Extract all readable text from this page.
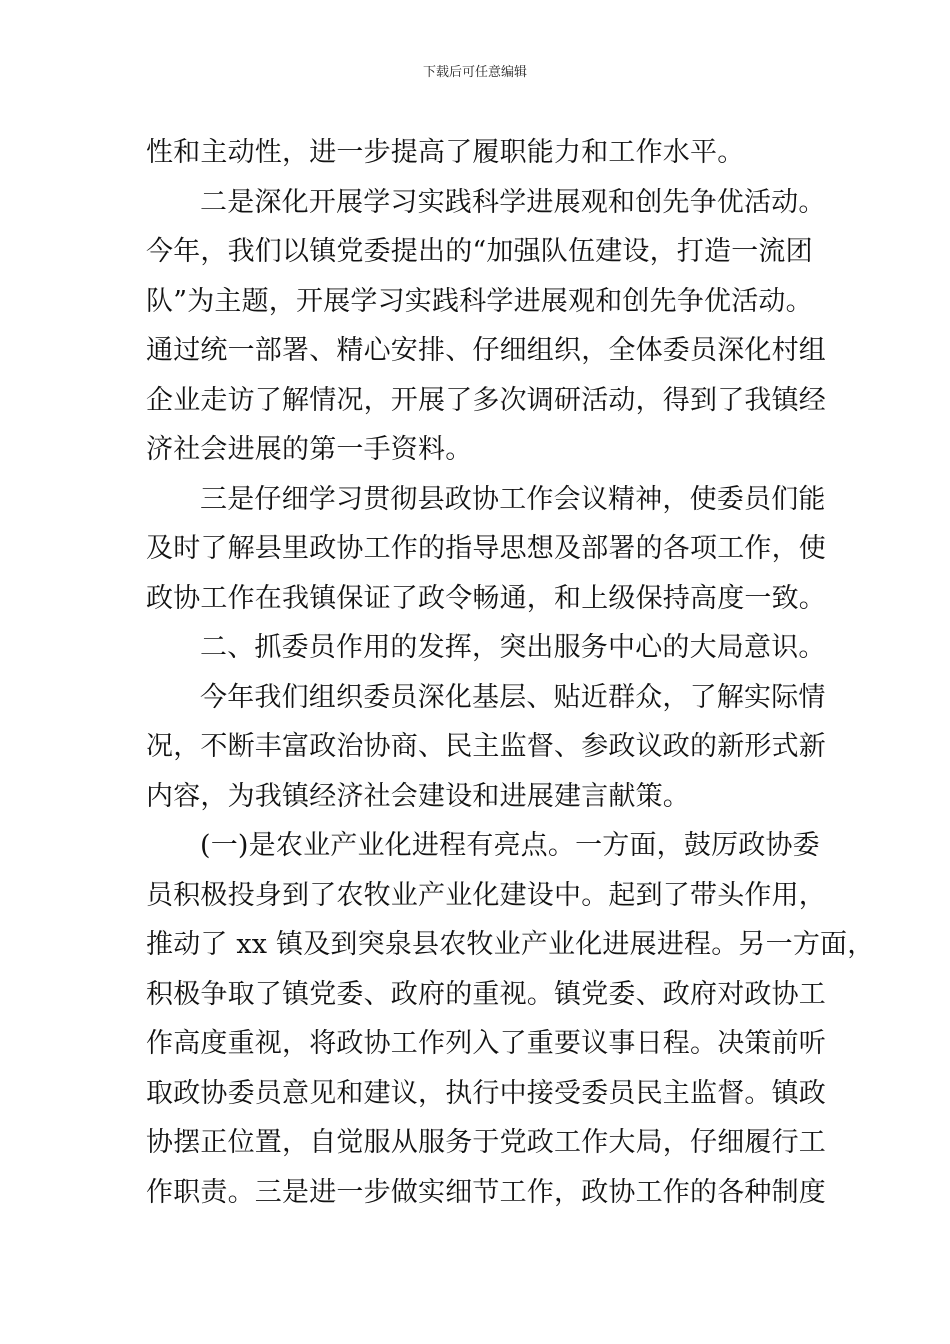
下载后可任意编辑
性和主动性，进一步提高了履职能力和工作水平。
二是深化开展学习实践科学进展观和创先争优活动。
今年，我们以镇党委提出的“加强队伍建设，打造一流团
队”为主题，开展学习实践科学进展观和创先争优活动。
通过统一部署、精心安排、仔细组织，全体委员深化村组
企业走访了解情况，开展了多次调研活动，得到了我镇经
济社会进展的第一手资料。
三是仔细学习贯彻县政协工作会议精神，使委员们能
及时了解县里政协工作的指导思想及部署的各项工作，使
政协工作在我镇保证了政令畅通，和上级保持高度一致。
二、抓委员作用的发挥，突出服务中心的大局意识。
今年我们组织委员深化基层、贴近群众，了解实际情
况，不断丰富政治协商、民主监督、参政议政的新形式新
内容，为我镇经济社会建设和进展建言献策。
(一)是农业产业化进程有亮点。一方面，鼓厉政协委
员积极投身到了农牧业产业化建设中。起到了带头作用，
推动了 xx 镇及到突泉县农牧业产业化进展进程。另一方面，
积极争取了镇党委、政府的重视。镇党委、政府对政协工
作高度重视，将政协工作列入了重要议事日程。决策前听
取政协委员意见和建议，执行中接受委员民主监督。镇政
协摆正位置，自觉服从服务于党政工作大局，仔细履行工
作职责。三是进一步做实细节工作，政协工作的各种制度
